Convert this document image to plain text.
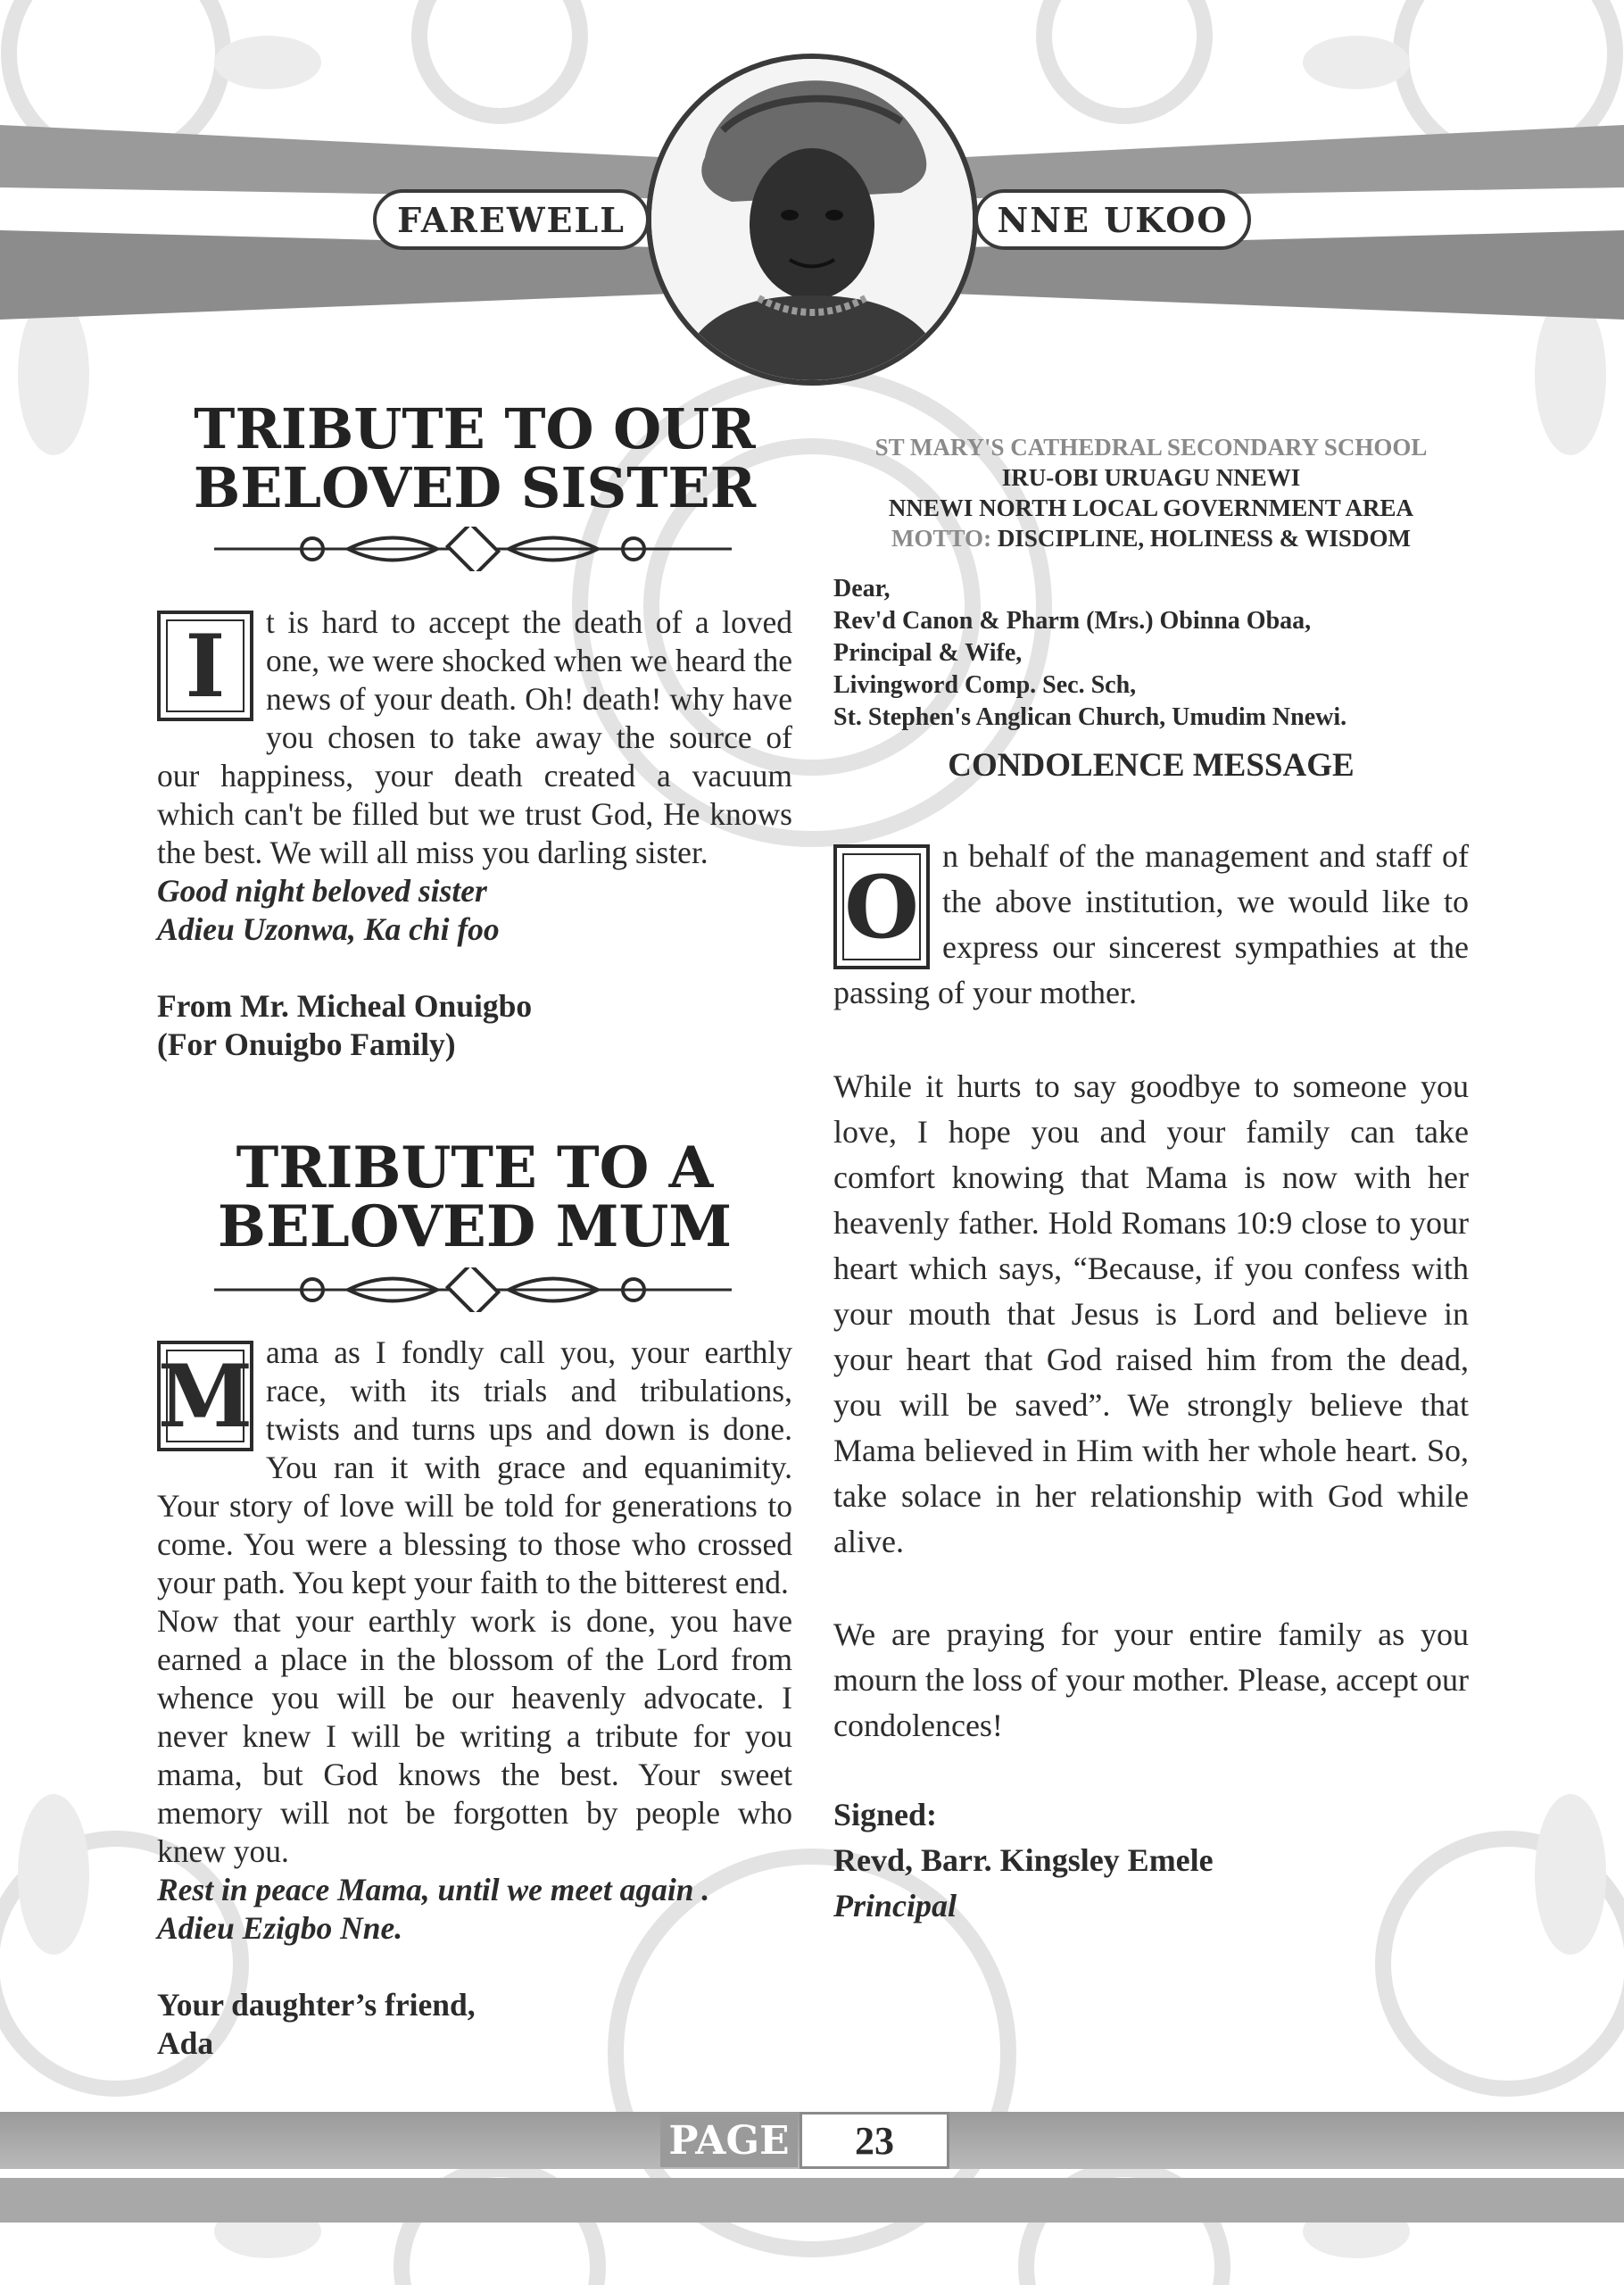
FAREWELL	NNE UKOO
TRIBUTE TO OUR BELOVED SISTER
I	t is hard to accept the death of a loved one, we were shocked when we heard the news of your death. Oh! death! why have you chosen to take away the source of our happiness, your death created a vacuum which can't be filled but we trust God, He knows the best. We will all miss you darling sister.
Good night beloved sister
Adieu Uzonwa, Ka chi foo
From Mr. Micheal Onuigbo
(For Onuigbo Family)
TRIBUTE TO A BELOVED MUM
M ama as I fondly call you, your earthly race, with its trials and tribulations, twists and turns ups and down is done. You ran it with grace and equanimity. Your story of love will be told for generations to come. You were a blessing to those who crossed your path. You kept your faith to the bitterest end.
Now that your earthly work is done, you have earned a place in the blossom of the Lord from whence you will be our heavenly advocate. I never knew I will be writing a tribute for you mama, but God knows the best. Your sweet memory will not be forgotten by people who knew you.
Rest in peace Mama, until we meet again .
Adieu Ezigbo Nne.
Your daughter’s friend,
Ada
ST MARY'S CATHEDRAL SECONDARY SCHOOL
IRU-OBI URUAGU NNEWI
NNEWI NORTH LOCAL GOVERNMENT AREA
MOTTO: DISCIPLINE, HOLINESS & WISDOM
Dear,
Rev'd Canon & Pharm (Mrs.) Obinna Obaa,
Principal & Wife,
Livingword Comp. Sec. Sch,
St. Stephen's Anglican Church, Umudim Nnewi.
CONDOLENCE MESSAGE
O
n behalf of the management and staff of the above institution, we would like to express our sincerest sympathies at the passing of your mother.
While it hurts to say goodbye to someone you love, I hope you and your family can take comfort knowing that Mama is now with her heavenly father. Hold Romans 10:9 close to your heart which says, “Because, if you confess with your mouth that Jesus is Lord and believe in your heart that God raised him from the dead, you will be saved”. We strongly believe that Mama believed in Him with her whole heart. So, take solace in her relationship with God while alive.
We are praying for your entire family as you mourn the loss of your mother. Please, accept our condolences!
Signed:
Revd, Barr. Kingsley Emele
Principal
PAGE	23
